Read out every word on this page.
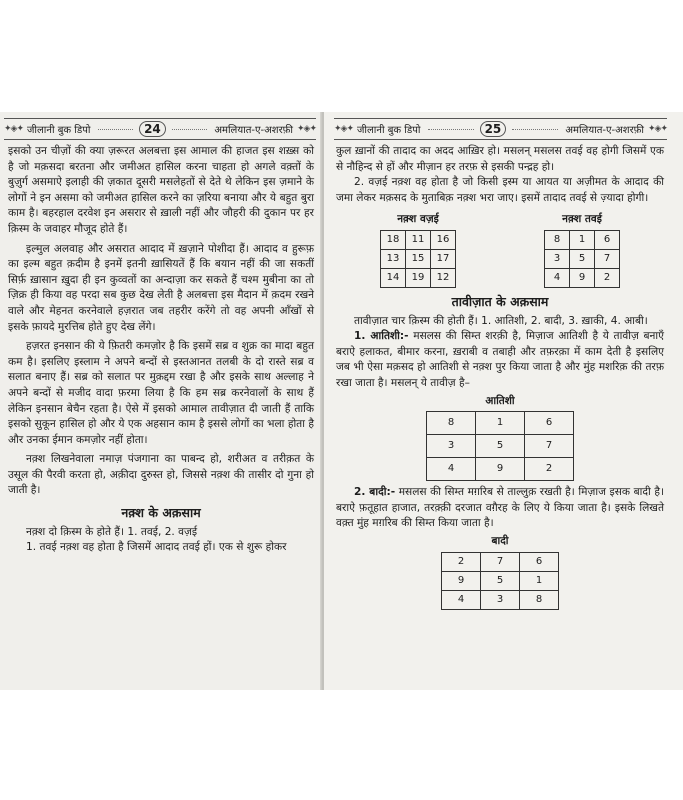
✦◈✦ जीलानी बुक डिपो	24	अमलियात-ए-अशरफ़ी ✦◈✦

इसको उन चीज़ों की क्या ज़रूरत अलबत्ता इस आमाल की हाजत इस शख़्स को है जो मक़सदा बरतना और जमीअत हासिल करना चाहता हो अगले वक़्तों के बुज़ुर्ग असमाऐ इलाही की ज़कात दूसरी मसलेहतों से देते थे लेकिन इस ज़माने के लोगों ने इन असमा को जमीअत हासिल करने का ज़रिया बनाया और ये बहुत बुरा काम है। बहरहाल दरवेश इन असरार से ख़ाली नहीं और जौहरी की दुकान पर हर क़िस्म के जवाहर मौजूद होते हैं।

इल्मुल अलवाह और असरात आदाद में ख़ज़ाने पोशीदा हैं। आदाद व हुरूफ़ का इल्म बहुत क़दीम है इनमें इतनी ख़ासियतें हैं कि बयान नहीं की जा सकतीं सिर्फ़ ख़ासान ख़ुदा ही इन कुव्वतों का अन्दाज़ा कर सकते हैं चश्म मुबीना का तो ज़िक्र ही किया वह परदा सब कुछ देख लेती है अलबत्ता इस मैदान में क़दम रखने वाले और मेहनत करनेवाले हज़रात जब तहरीर करेंगे तो वह अपनी आँखों से इसके फ़ायदे मुरत्तिब होते हुए देख लेंगे।

हज़रत इनसान की ये फ़ितरी कमज़ोर है कि इसमें सब्र व शुक्र का मादा बहुत कम है। इसलिए इस्लाम ने अपने बन्दों से इस्तआनत तलबी के दो रास्ते सब्र व सलात बनाए हैं। सब्र को सलात पर मुक़द्दम रखा है और इसके साथ अल्लाह ने अपने बन्दों से मजीद वादा फ़रमा लिया है कि हम सब्र करनेवालों के साथ हैं लेकिन इनसान बेचैन रहता है। ऐसे में इसको आमाल तावीज़ात दी जाती हैं ताकि इसको सुकून हासिल हो और ये एक अहसान काम है इससे लोगों का भला होता है और उनका ईमान कमज़ोर नहीं होता।

नक़्श लिखनेवाला नमाज़ पंजगाना का पाबन्द हो, शरीअत व तरीक़त के उसूल की पैरवी करता हो, अक़ीदा दुरुस्त हो, जिससे नक़्श की तासीर दो गुना हो जाती है।

नक़्श के अक़साम

नक़्श दो क़िस्म के होते हैं। 1. तवई, 2. वज़ई

1. तवई नक़्श वह होता है जिसमें आदाद तवई हों। एक से शुरू होकर

✦◈✦ जीलानी बुक डिपो	25	अमलियात-ए-अशरफ़ी ✦◈✦

कुल ख़ानों की तादाद का अदद आख़िर हो। मसलन् मसलस तवई वह होगी जिसमें एक से नौहिन्द से हों और मीज़ान हर तरफ़ से इसकी पन्द्रह हो।

2. वज़ई नक़्श वह होता है जो किसी इस्म या आयत या अज़ीमत के आदाद की जमा लेकर मक़सद के मुताबिक़ नक़्श भरा जाए। इसमें तादाद तवई से ज़्यादा होगी।

नक़्श वज़ई
18	11	16
13	15	17
14	19	12
नक़्श तवई
8	1	6
3	5	7
4	9	2
तावीज़ात के अक़साम

तावीज़ात चार क़िस्म की होती हैं। 1. आतिशी, 2. बादी, 3. ख़ाकी, 4. आबी।

1. आतिशी:- मसलस की सिम्त शरक़ी है, मिज़ाज आतिशी है ये तावीज़ बनाएँ बराऐ हलाकत, बीमार करना, ख़राबी व तबाही और तफ़रक़ा में काम देती है इसलिए जब भी ऐसा मक़सद हो आतिशी से नक़्श पुर किया जाता है और मुंह मशरिक़ की तरफ़ रखा जाता है। मसलन् ये तावीज़ है–

आतिशी
8	1	6
3	5	7
4	9	2

2. बादी:- मसलस की सिम्त मग़रिब से ताल्लुक़ रखती है। मिज़ाज इसक बादी है। बराऐ फ़तूहात हाजात, तरक़्क़ी दरजात वग़ैरह के लिए ये किया जाता है। इसके लिखते वक़्त मुंह मग़रिब की सिम्त किया जाता है।

बादी
2	7	6
9	5	1
4	3	8
